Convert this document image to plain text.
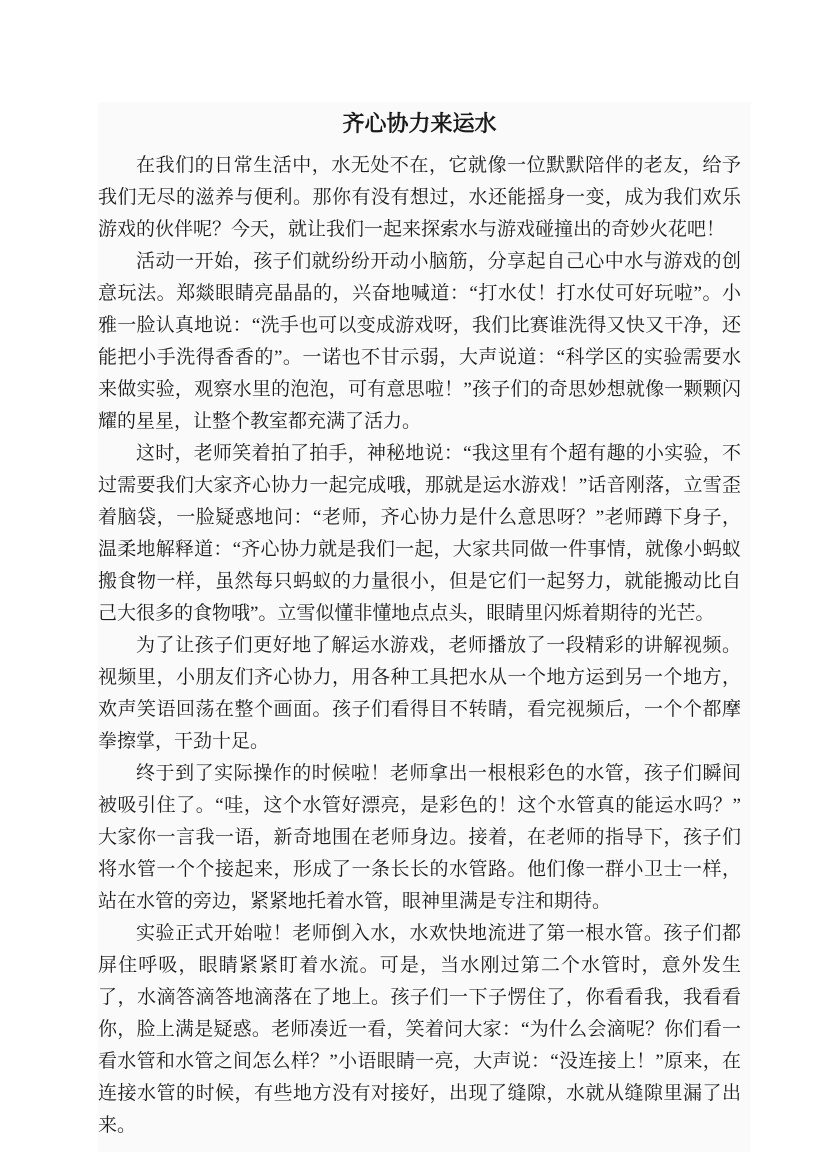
齐心协力来运水

在我们的日常生活中，水无处不在，它就像一位默默陪伴的老友，给予我们无尽的滋养与便利。那你有没有想过，水还能摇身一变，成为我们欢乐游戏的伙伴呢？今天，就让我们一起来探索水与游戏碰撞出的奇妙火花吧！

活动一开始，孩子们就纷纷开动小脑筋，分享起自己心中水与游戏的创意玩法。郑燚眼睛亮晶晶的，兴奋地喊道：“打水仗！打水仗可好玩啦”。小雅一脸认真地说：“洗手也可以变成游戏呀，我们比赛谁洗得又快又干净，还能把小手洗得香香的”。一诺也不甘示弱，大声说道：“科学区的实验需要水来做实验，观察水里的泡泡，可有意思啦！”孩子们的奇思妙想就像一颗颗闪耀的星星，让整个教室都充满了活力。

这时，老师笑着拍了拍手，神秘地说：“我这里有个超有趣的小实验，不过需要我们大家齐心协力一起完成哦，那就是运水游戏！”话音刚落，立雪歪着脑袋，一脸疑惑地问：“老师，齐心协力是什么意思呀？”老师蹲下身子，温柔地解释道：“齐心协力就是我们一起，大家共同做一件事情，就像小蚂蚁搬食物一样，虽然每只蚂蚁的力量很小，但是它们一起努力，就能搬动比自己大很多的食物哦”。立雪似懂非懂地点点头，眼睛里闪烁着期待的光芒。

为了让孩子们更好地了解运水游戏，老师播放了一段精彩的讲解视频。视频里，小朋友们齐心协力，用各种工具把水从一个地方运到另一个地方，欢声笑语回荡在整个画面。孩子们看得目不转睛，看完视频后，一个个都摩拳擦掌，干劲十足。

终于到了实际操作的时候啦！老师拿出一根根彩色的水管，孩子们瞬间被吸引住了。“哇，这个水管好漂亮，是彩色的！这个水管真的能运水吗？”大家你一言我一语，新奇地围在老师身边。接着，在老师的指导下，孩子们将水管一个个接起来，形成了一条长长的水管路。他们像一群小卫士一样，站在水管的旁边，紧紧地托着水管，眼神里满是专注和期待。

实验正式开始啦！老师倒入水，水欢快地流进了第一根水管。孩子们都屏住呼吸，眼睛紧紧盯着水流。可是，当水刚过第二个水管时，意外发生了，水滴答滴答地滴落在了地上。孩子们一下子愣住了，你看看我，我看看你，脸上满是疑惑。老师凑近一看，笑着问大家：“为什么会滴呢？你们看一看水管和水管之间怎么样？”小语眼睛一亮，大声说：“没连接上！”原来，在连接水管的时候，有些地方没有对接好，出现了缝隙，水就从缝隙里漏了出来。
